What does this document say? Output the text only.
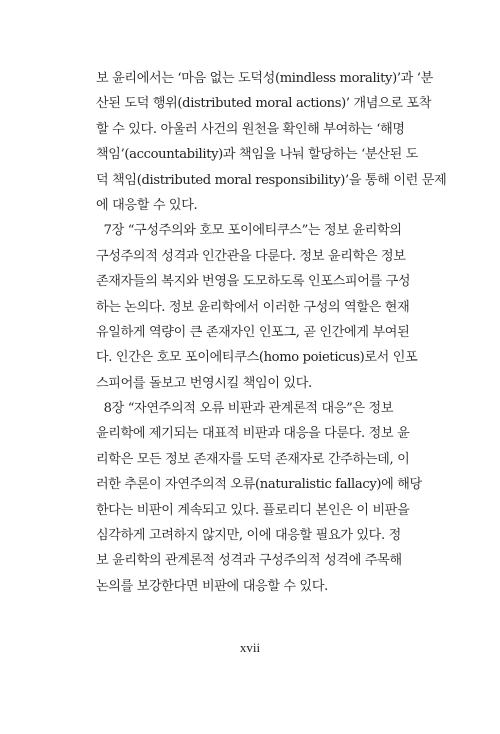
보 윤리에서는 ‘마음 없는 도덕성(mindless morality)’과 ‘분
산된 도덕 행위(distributed moral actions)’ 개념으로 포착
할 수 있다. 아울러 사건의 원천을 확인해 부여하는 ‘해명
책임’(accountability)과 책임을 나눠 할당하는 ‘분산된 도
덕 책임(distributed moral responsibility)’을 통해 이런 문제
에 대응할 수 있다.
7장 “구성주의와 호모 포이에티쿠스”는 정보 윤리학의
구성주의적 성격과 인간관을 다룬다. 정보 윤리학은 정보
존재자들의 복지와 번영을 도모하도록 인포스피어를 구성
하는 논의다. 정보 윤리학에서 이러한 구성의 역할은 현재
유일하게 역량이 큰 존재자인 인포그, 곧 인간에게 부여된
다. 인간은 호모 포이에티쿠스(homo poieticus)로서 인포
스피어를 돌보고 번영시킬 책임이 있다.
8장 “자연주의적 오류 비판과 관계론적 대응”은 정보
윤리학에 제기되는 대표적 비판과 대응을 다룬다. 정보 윤
리학은 모든 정보 존재자를 도덕 존재자로 간주하는데, 이
러한 추론이 자연주의적 오류(naturalistic fallacy)에 해당
한다는 비판이 계속되고 있다. 플로리디 본인은 이 비판을
심각하게 고려하지 않지만, 이에 대응할 필요가 있다. 정
보 윤리학의 관계론적 성격과 구성주의적 성격에 주목해
논의를 보강한다면 비판에 대응할 수 있다.
xvii
